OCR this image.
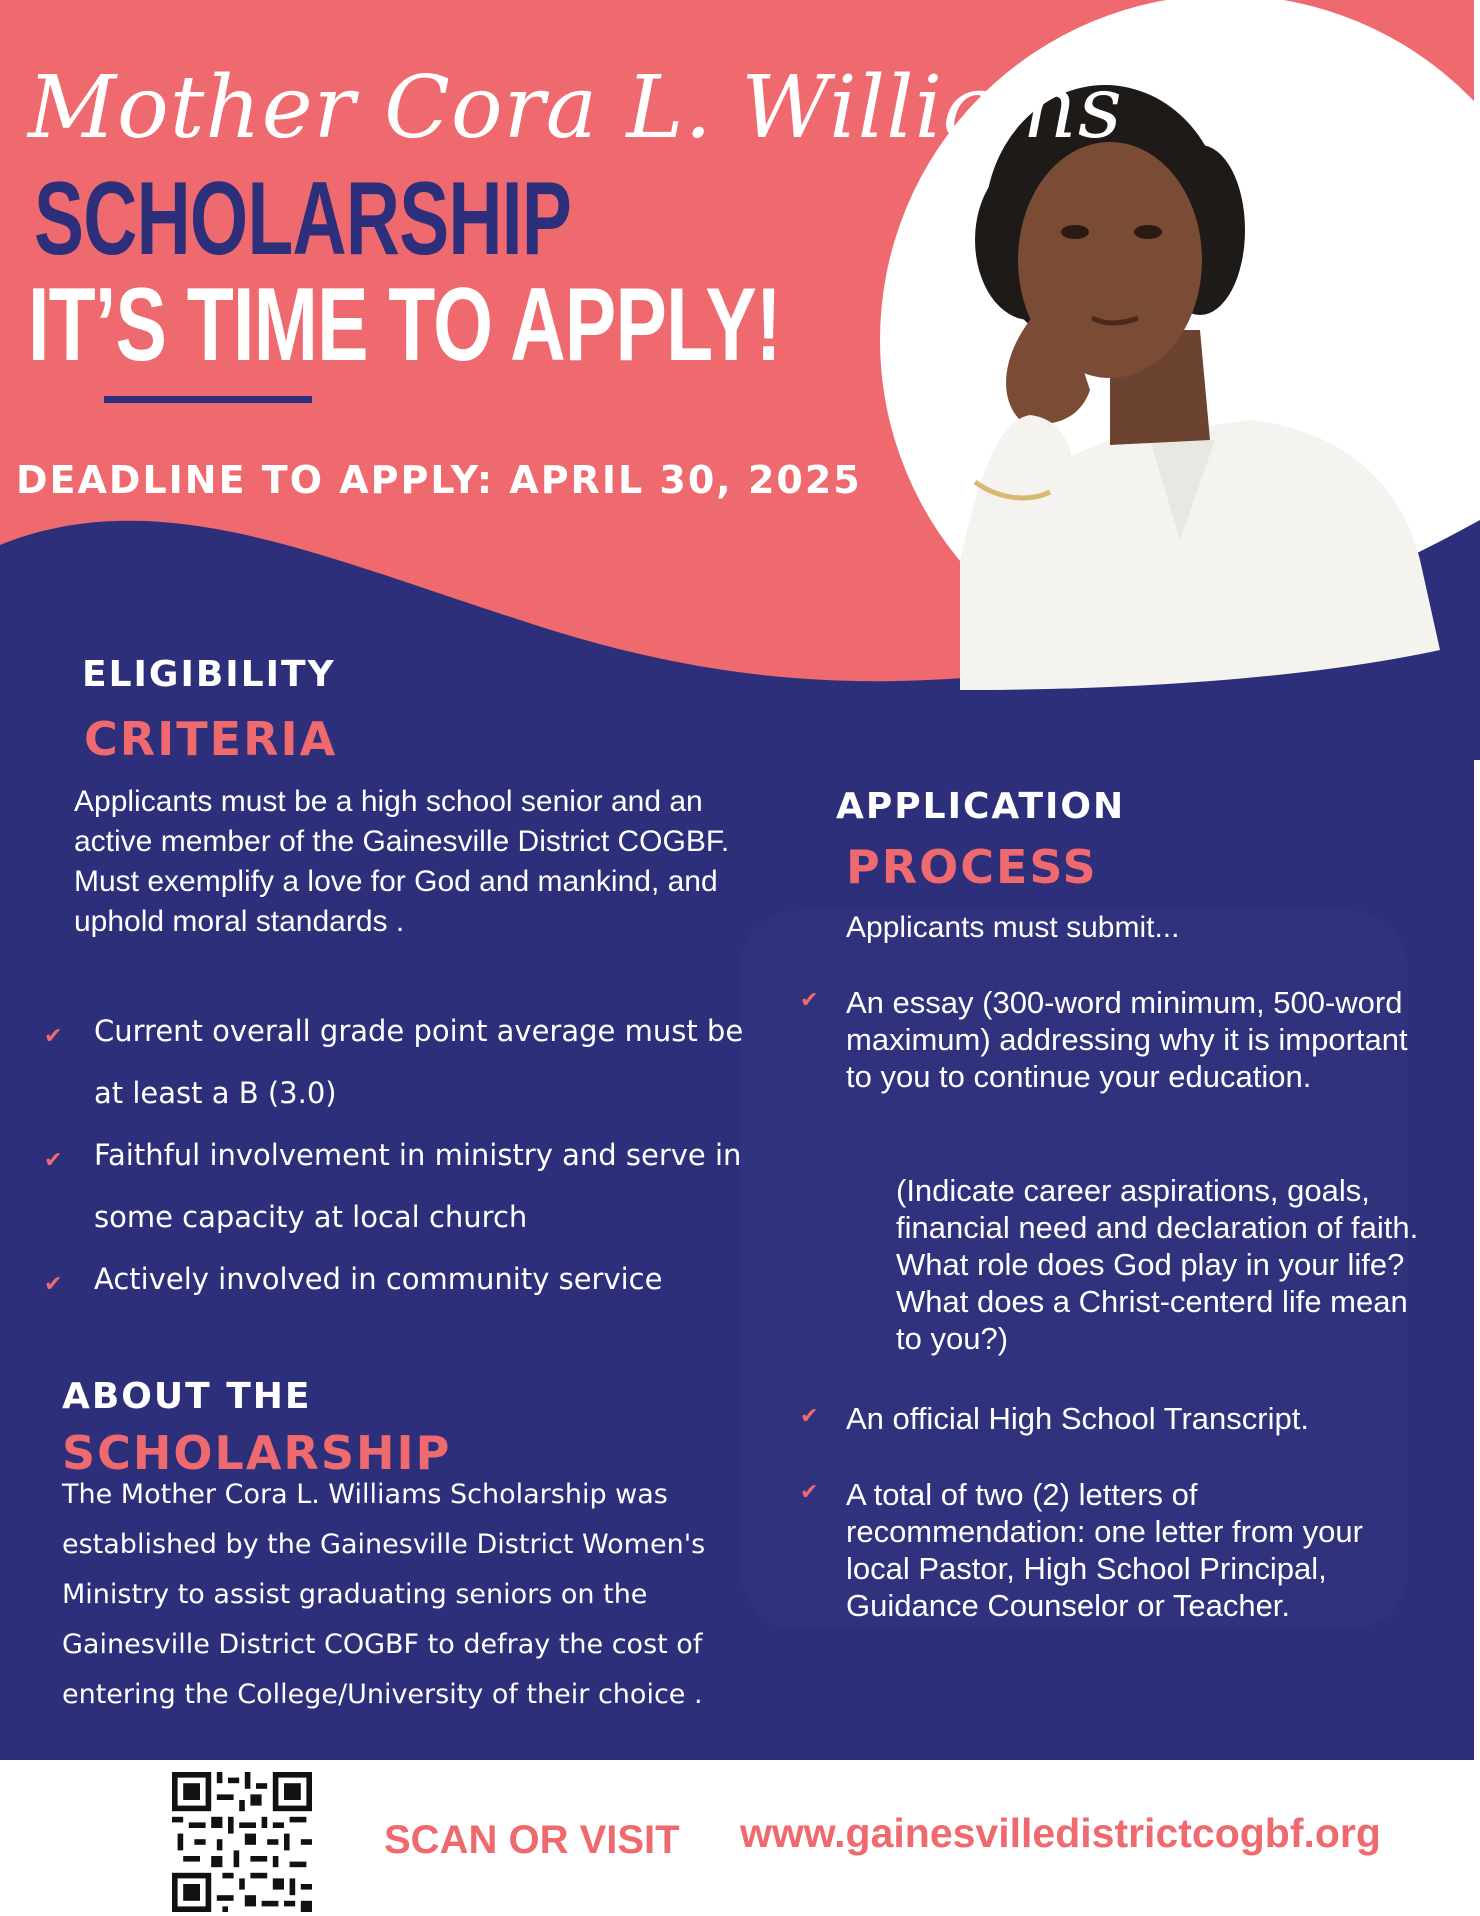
Mother Cora L. Williams
SCHOLARSHIP
IT’S TIME TO APPLY!
DEADLINE TO APPLY: APRIL 30, 2025
ELIGIBILITY
CRITERIA
Applicants must be a high school senior and an active member of the Gainesville District COGBF. Must exemplify a love for God and mankind, and uphold moral standards .
✔ Current overall grade point average must be
at least a B (3.0)
✔ Faithful involvement in ministry and serve in
some capacity at local church
✔ Actively involved in community service
ABOUT THE
SCHOLARSHIP
The Mother Cora L. Williams Scholarship was
established by the Gainesville District Women's
Ministry to assist graduating seniors on the
Gainesville District COGBF to defray the cost of
entering the College/University of their choice .
APPLICATION
PROCESS
Applicants must submit...
✔ An essay (300-word minimum, 500-word maximum) addressing why it is important to you to continue your education.
(Indicate career aspirations, goals, financial need and declaration of faith. What role does God play in your life? What does a Christ-centerd life mean to you?)
✔ An official High School Transcript.
✔ A total of two (2) letters of recommendation: one letter from your local Pastor, High School Principal, Guidance Counselor or Teacher.
SCAN OR VISIT www.gainesvilledistrictcogbf.org
